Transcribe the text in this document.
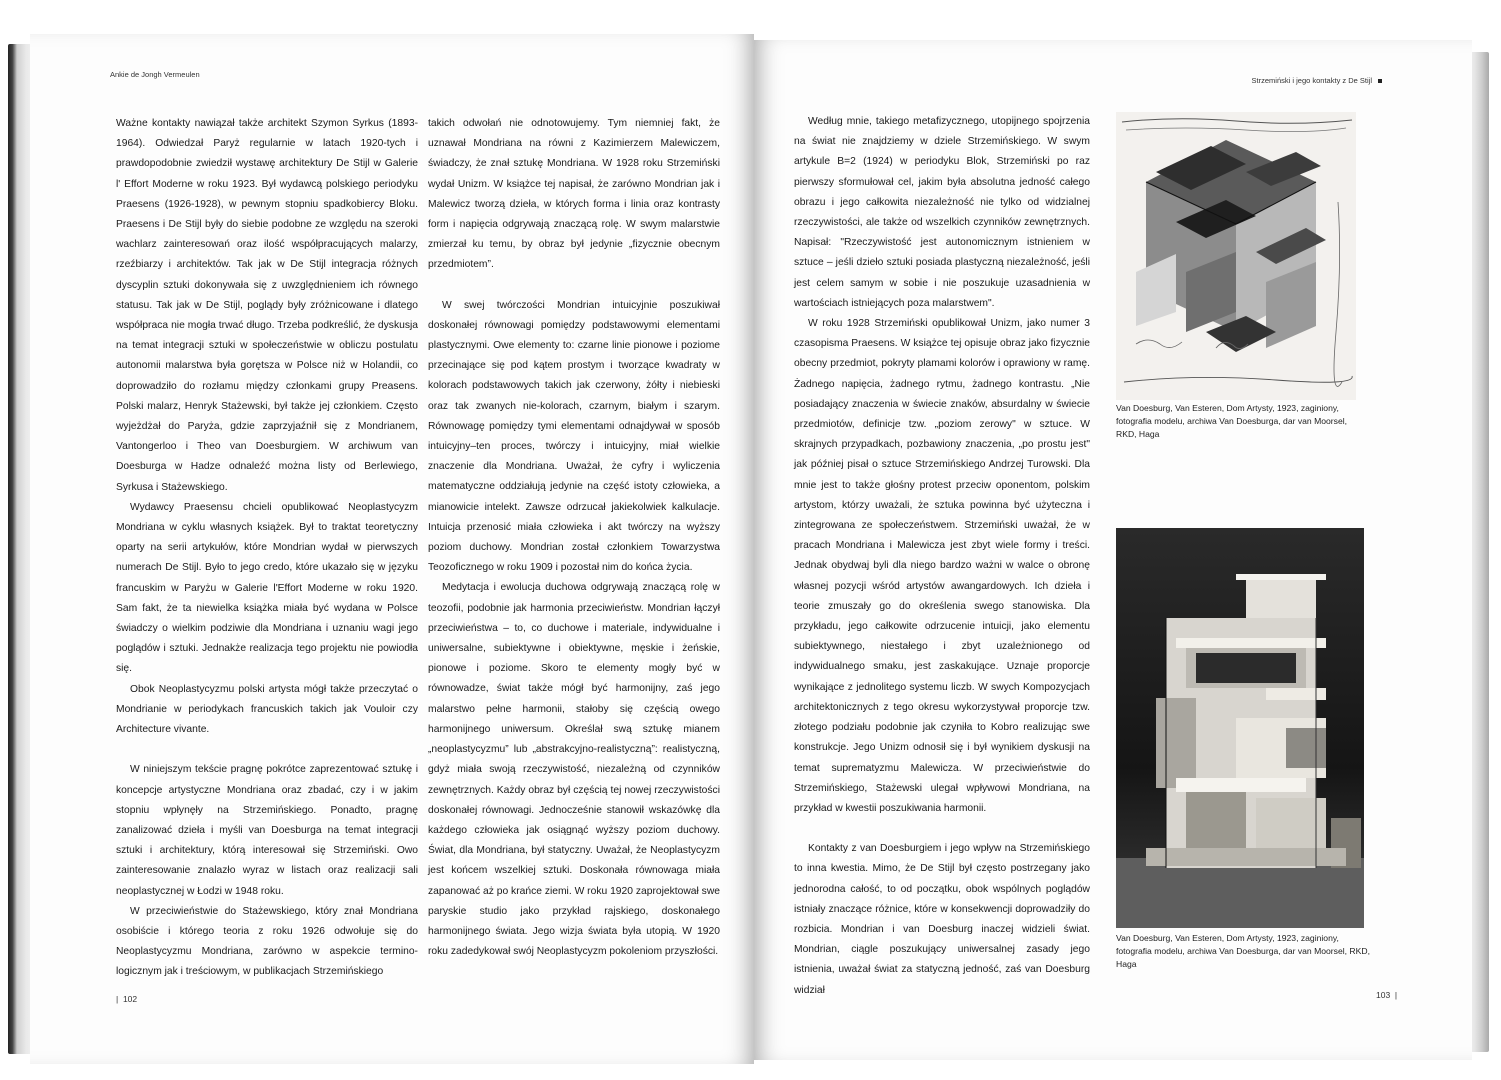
Ankie de Jongh Vermeulen

Ważne kontakty nawiązał także architekt Szymon Syrkus (1893-1964). Odwiedzał Paryż regularnie w latach 1920-tych i prawdopodobnie zwiedził wystawę architektury De Stijl w Galerie l' Effort Moderne w roku 1923. Był wydawcą polskiego periodyku Praesens (1926-1928), w pewnym stopniu spadkobiercy Bloku. Praesens i De Stijl były do siebie podobne ze względu na szeroki wachlarz zainteresowań oraz ilość współpracujących malarzy, rzeźbiarzy i architektów. Tak jak w De Stijl integracja różnych dyscyplin sztuki dokonywała się z uwzględnieniem ich równego statusu. Tak jak w De Stijl, poglądy były zróżnicowane i dlatego współpraca nie mogła trwać długo. Trzeba podkreślić, że dyskusja na temat integracji sztuki w społeczeństwie w obliczu postulatu autonomii malarstwa była gorętsza w Polsce niż w Holandii, co doprowadziło do rozłamu między członkami grupy Preasens. Polski malarz, Henryk Stażewski, był także jej członkiem. Często wyjeżdżał do Paryża, gdzie zaprzyjaźnił się z Mondrianem, Vantongerloo i Theo van Doesburgiem. W archiwum van Doesburga w Hadze odnaleźć można listy od Berlewiego, Syrkusa i Stażewskiego.

Wydawcy Praesensu chcieli opublikować Neoplastycyzm Mondriana w cyklu własnych książek. Był to traktat teoretyczny oparty na serii artykułów, które Mondrian wydał w pierwszych numerach De Stijl. Było to jego credo, które ukazało się w języku francuskim w Paryżu w Galerie l'Effort Moderne w roku 1920. Sam fakt, że ta niewielka książka miała być wydana w Polsce świadczy o wielkim podziwie dla Mondriana i uznaniu wagi jego poglądów i sztuki. Jednakże realizacja tego projektu nie powiodła się.

Obok Neoplastycyzmu polski artysta mógł także przeczytać o Mondrianie w periodykach francuskich takich jak Vouloir czy Architecture vivante.

W niniejszym tekście pragnę pokrótce zaprezentować sztukę i koncepcje artystyczne Mondriana oraz zbadać, czy i w jakim stopniu wpłynęły na Strzemińskiego. Ponadto, pragnę zanalizować dzieła i myśli van Doesburga na temat integracji sztuki i architektury, którą interesował się Strzemiński. Owo zainteresowanie znalazło wyraz w listach oraz realizacji sali neoplastycznej w Łodzi w 1948 roku.

W przeciwieństwie do Stażewskiego, który znał Mondriana osobiście i którego teoria z roku 1926 odwołuje się do Neoplastycyzmu Mondriana, zarówno w aspekcie termino-logicznym jak i treściowym, w publikacjach Strzemińskiego

takich odwołań nie odnotowujemy. Tym niemniej fakt, że uznawał Mondriana na równi z Kazimierzem Malewiczem, świadczy, że znał sztukę Mondriana. W 1928 roku Strzemiński wydał Unizm. W książce tej napisał, że zarówno Mondrian jak i Malewicz tworzą dzieła, w których forma i linia oraz kontrasty form i napięcia odgrywają znaczącą rolę. W swym malarstwie zmierzał ku temu, by obraz był jedynie „fizycznie obecnym przedmiotem”.

W swej twórczości Mondrian intuicyjnie poszukiwał doskonałej równowagi pomiędzy podstawowymi elementami plastycznymi. Owe elementy to: czarne linie pionowe i poziome przecinające się pod kątem prostym i tworzące kwadraty w kolorach podstawowych takich jak czerwony, żółty i niebieski oraz tak zwanych nie-kolorach, czarnym, białym i szarym. Równowagę pomiędzy tymi elementami odnajdywał w sposób intuicyjny–ten proces, twórczy i intuicyjny, miał wielkie znaczenie dla Mondriana. Uważał, że cyfry i wyliczenia matematyczne oddziałują jedynie na część istoty człowieka, a mianowicie intelekt. Zawsze odrzucał jakiekolwiek kalkulacje. Intuicja przenosić miała człowieka i akt twórczy na wyższy poziom duchowy. Mondrian został członkiem Towarzystwa Teozoficznego w roku 1909 i pozostał nim do końca życia.

Medytacja i ewolucja duchowa odgrywają znaczącą rolę w teozofii, podobnie jak harmonia przeciwieństw. Mondrian łączył przeciwieństwa – to, co duchowe i materiale, indywidualne i uniwersalne, subiektywne i obiektywne, męskie i żeńskie, pionowe i poziome. Skoro te elementy mogły być w równowadze, świat także mógł być harmonijny, zaś jego malarstwo pełne harmonii, stałoby się częścią owego harmonijnego uniwersum. Określał swą sztukę mianem „neoplastycyzmu” lub „abstrakcyjno-realistyczną”: realistyczną, gdyż miała swoją rzeczywistość, niezależną od czynników zewnętrznych. Każdy obraz był częścią tej nowej rzeczywistości doskonałej równowagi. Jednocześnie stanowił wskazówkę dla każdego człowieka jak osiągnąć wyższy poziom duchowy. Świat, dla Mondriana, był statyczny. Uważał, że Neoplastycyzm jest końcem wszelkiej sztuki. Doskonała równowaga miała zapanować aż po krańce ziemi. W roku 1920 zaprojektował swe paryskie studio jako przykład rajskiego, doskonałego harmonijnego świata. Jego wizja świata była utopią. W 1920 roku zadedykował swój Neoplastycyzm pokoleniom przyszłości.

|  102
Strzemiński i jego kontakty z De Stijl

Według mnie, takiego metafizycznego, utopijnego spojrzenia na świat nie znajdziemy w dziele Strzemińskiego. W swym artykule B=2 (1924) w periodyku Blok, Strzemiński po raz pierwszy sformułował cel, jakim była absolutna jedność całego obrazu i jego całkowita niezależność nie tylko od widzialnej rzeczywistości, ale także od wszelkich czynników zewnętrznych. Napisał: "Rzeczywistość jest autonomicznym istnieniem w sztuce – jeśli dzieło sztuki posiada plastyczną niezależność, jeśli jest celem samym w sobie i nie poszukuje uzasadnienia w wartościach istniejących poza malarstwem".

W roku 1928 Strzemiński opublikował Unizm, jako numer 3 czasopisma Praesens. W książce tej opisuje obraz jako fizycznie obecny przedmiot, pokryty plamami kolorów i oprawiony w ramę. Żadnego napięcia, żadnego rytmu, żadnego kontrastu. „Nie posiadający znaczenia w świecie znaków, absurdalny w świecie przedmiotów, definicje tzw. „poziom zerowy" w sztuce. W skrajnych przypadkach, pozbawiony znaczenia, „po prostu jest" jak później pisał o sztuce Strzemińskiego Andrzej Turowski. Dla mnie jest to także głośny protest przeciw oponentom, polskim artystom, którzy uważali, że sztuka powinna być użyteczna i zintegrowana ze społeczeństwem. Strzemiński uważał, że w pracach Mondriana i Malewicza jest zbyt wiele formy i treści. Jednak obydwaj byli dla niego bardzo ważni w walce o obronę własnej pozycji wśród artystów awangardowych. Ich dzieła i teorie zmuszały go do określenia swego stanowiska. Dla przykładu, jego całkowite odrzucenie intuicji, jako elementu subiektywnego, niestałego i zbyt uzależnionego od indywidualnego smaku, jest zaskakujące. Uznaje proporcje wynikające z jednolitego systemu liczb. W swych Kompozycjach architektonicznych z tego okresu wykorzystywał proporcje tzw. złotego podziału podobnie jak czyniła to Kobro realizując swe konstrukcje. Jego Unizm odnosił się i był wynikiem dyskusji na temat suprematyzmu Malewicza. W przeciwieństwie do Strzemińskiego, Stażewski ulegał wpływowi Mondriana, na przykład w kwestii poszukiwania harmonii.

Kontakty z van Doesburgiem i jego wpływ na Strzemińskiego to inna kwestia. Mimo, że De Stijl był często postrzegany jako jednorodna całość, to od początku, obok wspólnych poglądów istniały znaczące różnice, które w konsekwencji doprowadziły do rozbicia. Mondrian i van Doesburg inaczej widzieli świat. Mondrian, ciągle poszukujący uniwersalnej zasady jego istnienia, uważał świat za statyczną jedność, zaś van Doesburg widział

Van Doesburg, Van Esteren, Dom Artysty, 1923, zaginiony, fotografia modelu, archiwa Van Doesburga, dar van Moorsel, RKD, Haga
Van Doesburg, Van Esteren, Dom Artysty, 1923, zaginiony, fotografia modelu, archiwa Van Doesburga, dar van Moorsel, RKD, Haga
103  |
